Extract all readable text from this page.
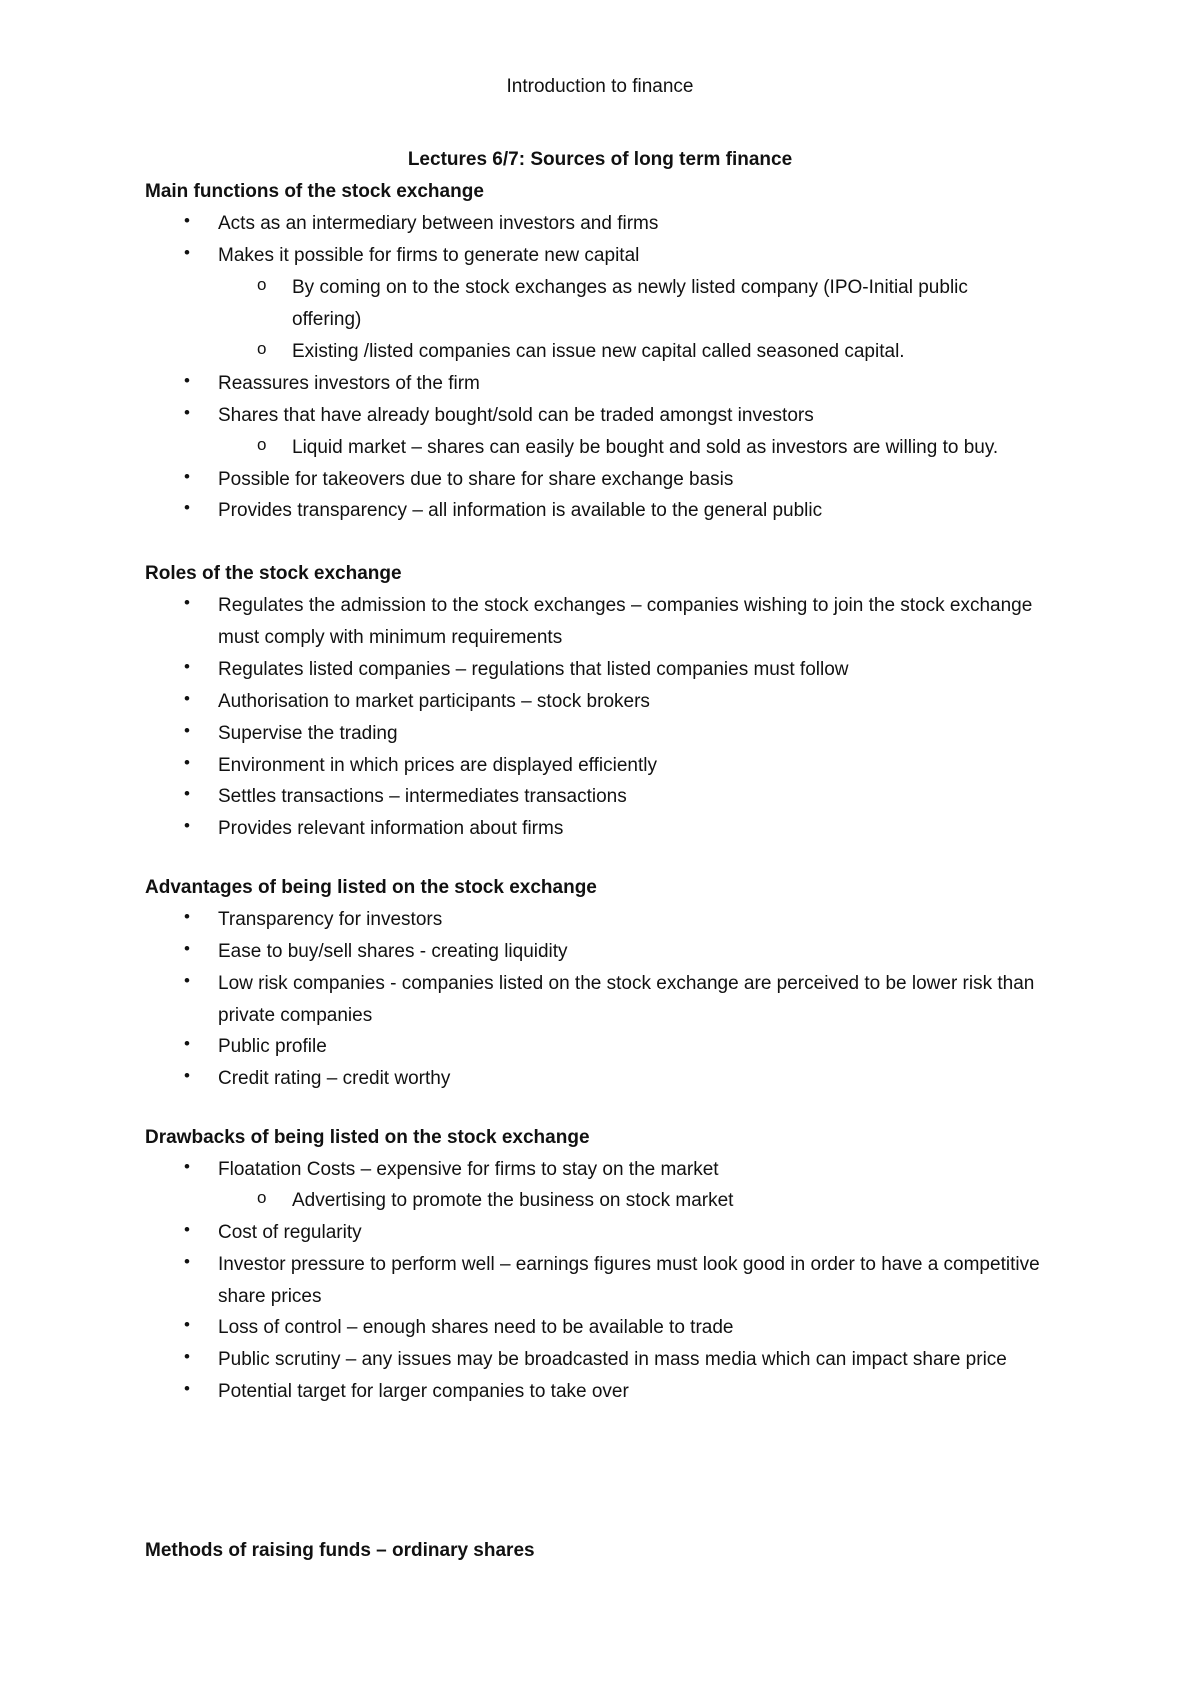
Introduction to finance
Lectures 6/7: Sources of long term finance
Main functions of the stock exchange
• Acts as an intermediary between investors and firms
• Makes it possible for firms to generate new capital
o By coming on to the stock exchanges as newly listed company (IPO-Initial public offering)
o Existing /listed companies can issue new capital called seasoned capital.
• Reassures investors of the firm
• Shares that have already bought/sold can be traded amongst investors
o Liquid market – shares can easily be bought and sold as investors are willing to buy.
• Possible for takeovers due to share for share exchange basis
• Provides transparency – all information is available to the general public
Roles of the stock exchange
• Regulates the admission to the stock exchanges – companies wishing to join the stock exchange must comply with minimum requirements
• Regulates listed companies – regulations that listed companies must follow
• Authorisation to market participants – stock brokers
• Supervise the trading
• Environment in which prices are displayed efficiently
• Settles transactions – intermediates transactions
• Provides relevant information about firms
Advantages of being listed on the stock exchange
• Transparency for investors
• Ease to buy/sell shares - creating liquidity
• Low risk companies - companies listed on the stock exchange are perceived to be lower risk than private companies
• Public profile
• Credit rating – credit worthy
Drawbacks of being listed on the stock exchange
• Floatation Costs – expensive for firms to stay on the market
o Advertising to promote the business on stock market
• Cost of regularity
• Investor pressure to perform well – earnings figures must look good in order to have a competitive share prices
• Loss of control – enough shares need to be available to trade
• Public scrutiny – any issues may be broadcasted in mass media which can impact share price
• Potential target for larger companies to take over
Methods of raising funds – ordinary shares
